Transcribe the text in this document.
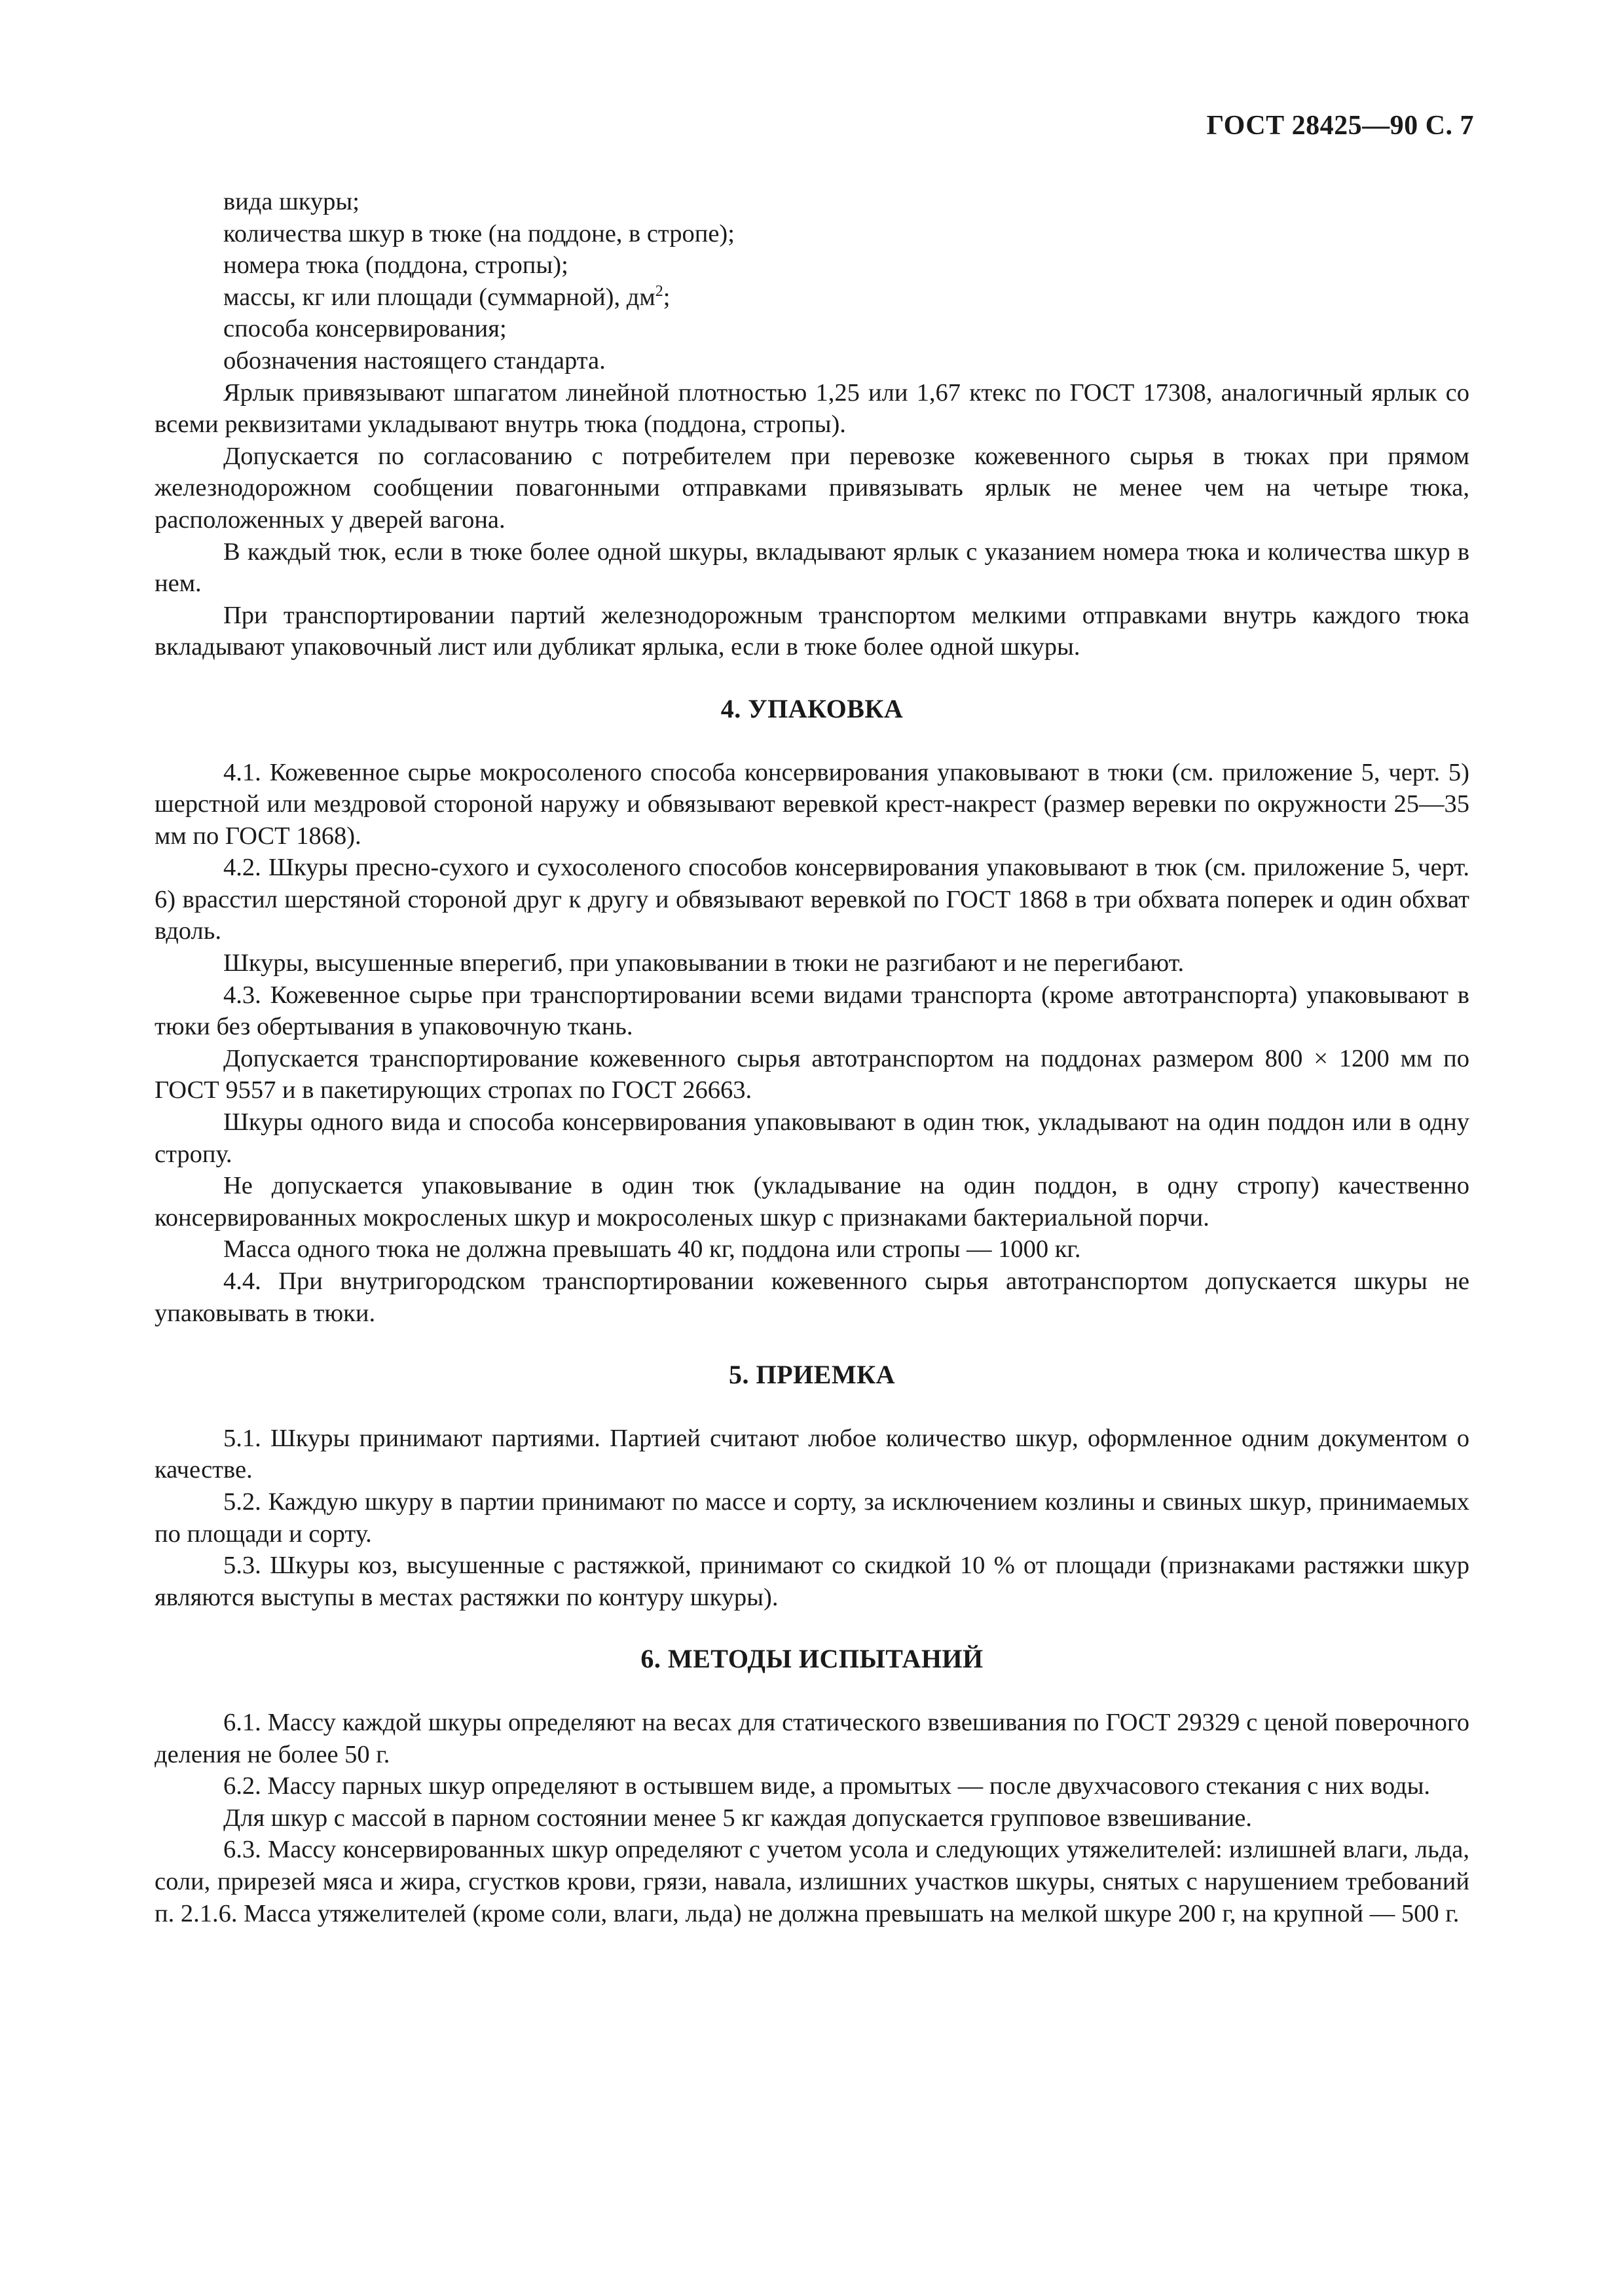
ГОСТ 28425—90 С. 7

вида шкуры;

количества шкур в тюке (на поддоне, в стропе);

номера тюка (поддона, стропы);

массы, кг или площади (суммарной), $дм^2$;

способа консервирования;

обозначения настоящего стандарта.

Ярлык привязывают шпагатом линейной плотностью 1,25 или 1,67 ктекс по ГОСТ 17308, аналогичный ярлык со всеми реквизитами укладывают внутрь тюка (поддона, стропы).

Допускается по согласованию с потребителем при перевозке кожевенного сырья в тюках при прямом железнодорожном сообщении повагонными отправками привязывать ярлык не менее чем на четыре тюка, расположенных у дверей вагона.

В каждый тюк, если в тюке более одной шкуры, вкладывают ярлык с указанием номера тюка и количества шкур в нем.

При транспортировании партий железнодорожным транспортом мелкими отправками внутрь каждого тюка вкладывают упаковочный лист или дубликат ярлыка, если в тюке более одной шкуры.

4. УПАКОВКА

4.1. Кожевенное сырье мокросоленого способа консервирования упаковывают в тюки (см. приложение 5, черт. 5) шерстной или мездровой стороной наружу и обвязывают веревкой крест-накрест (размер веревки по окружности 25—35 мм по ГОСТ 1868).

4.2. Шкуры пресно-сухого и сухосоленого способов консервирования упаковывают в тюк (см. приложение 5, черт. 6) врасстил шерстяной стороной друг к другу и обвязывают веревкой по ГОСТ 1868 в три обхвата поперек и один обхват вдоль.

Шкуры, высушенные вперегиб, при упаковывании в тюки не разгибают и не перегибают.

4.3. Кожевенное сырье при транспортировании всеми видами транспорта (кроме автотранспорта) упаковывают в тюки без обертывания в упаковочную ткань.

Допускается транспортирование кожевенного сырья автотранспортом на поддонах размером 800 × 1200 мм по ГОСТ 9557 и в пакетирующих стропах по ГОСТ 26663.

Шкуры одного вида и способа консервирования упаковывают в один тюк, укладывают на один поддон или в одну стропу.

Не допускается упаковывание в один тюк (укладывание на один поддон, в одну стропу) качественно консервированных мокросленых шкур и мокросоленых шкур с признаками бактериальной порчи.

Масса одного тюка не должна превышать 40 кг, поддона или стропы — 1000 кг.

4.4. При внутригородском транспортировании кожевенного сырья автотранспортом допускается шкуры не упаковывать в тюки.

5. ПРИЕМКА

5.1. Шкуры принимают партиями. Партией считают любое количество шкур, оформленное одним документом о качестве.

5.2. Каждую шкуру в партии принимают по массе и сорту, за исключением козлины и свиных шкур, принимаемых по площади и сорту.

5.3. Шкуры коз, высушенные с растяжкой, принимают со скидкой 10 % от площади (признаками растяжки шкур являются выступы в местах растяжки по контуру шкуры).

6. МЕТОДЫ ИСПЫТАНИЙ

6.1. Массу каждой шкуры определяют на весах для статического взвешивания по ГОСТ 29329 с ценой поверочного деления не более 50 г.

6.2. Массу парных шкур определяют в остывшем виде, а промытых — после двухчасового стекания с них воды.

Для шкур с массой в парном состоянии менее 5 кг каждая допускается групповое взвешивание.

6.3. Массу консервированных шкур определяют с учетом усола и следующих утяжелителей: излишней влаги, льда, соли, прирезей мяса и жира, сгустков крови, грязи, навала, излишних участков шкуры, снятых с нарушением требований п. 2.1.6. Масса утяжелителей (кроме соли, влаги, льда) не должна превышать на мелкой шкуре 200 г, на крупной — 500 г.
